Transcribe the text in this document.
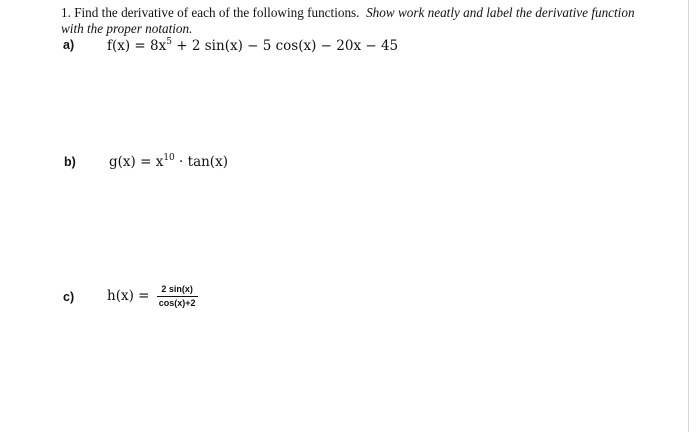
1. Find the derivative of each of the following functions. Show work neatly and label the derivative function with the proper notation.
a) $f(x) = 8x^5 + 2$ sin(x) − 5 cos(x) − 20x − 45
b) $g(x) = x^{10} \cdot \tan(x)$
c) $h(x) = \frac{2 \sin(x)}{\cos(x)+2}$
